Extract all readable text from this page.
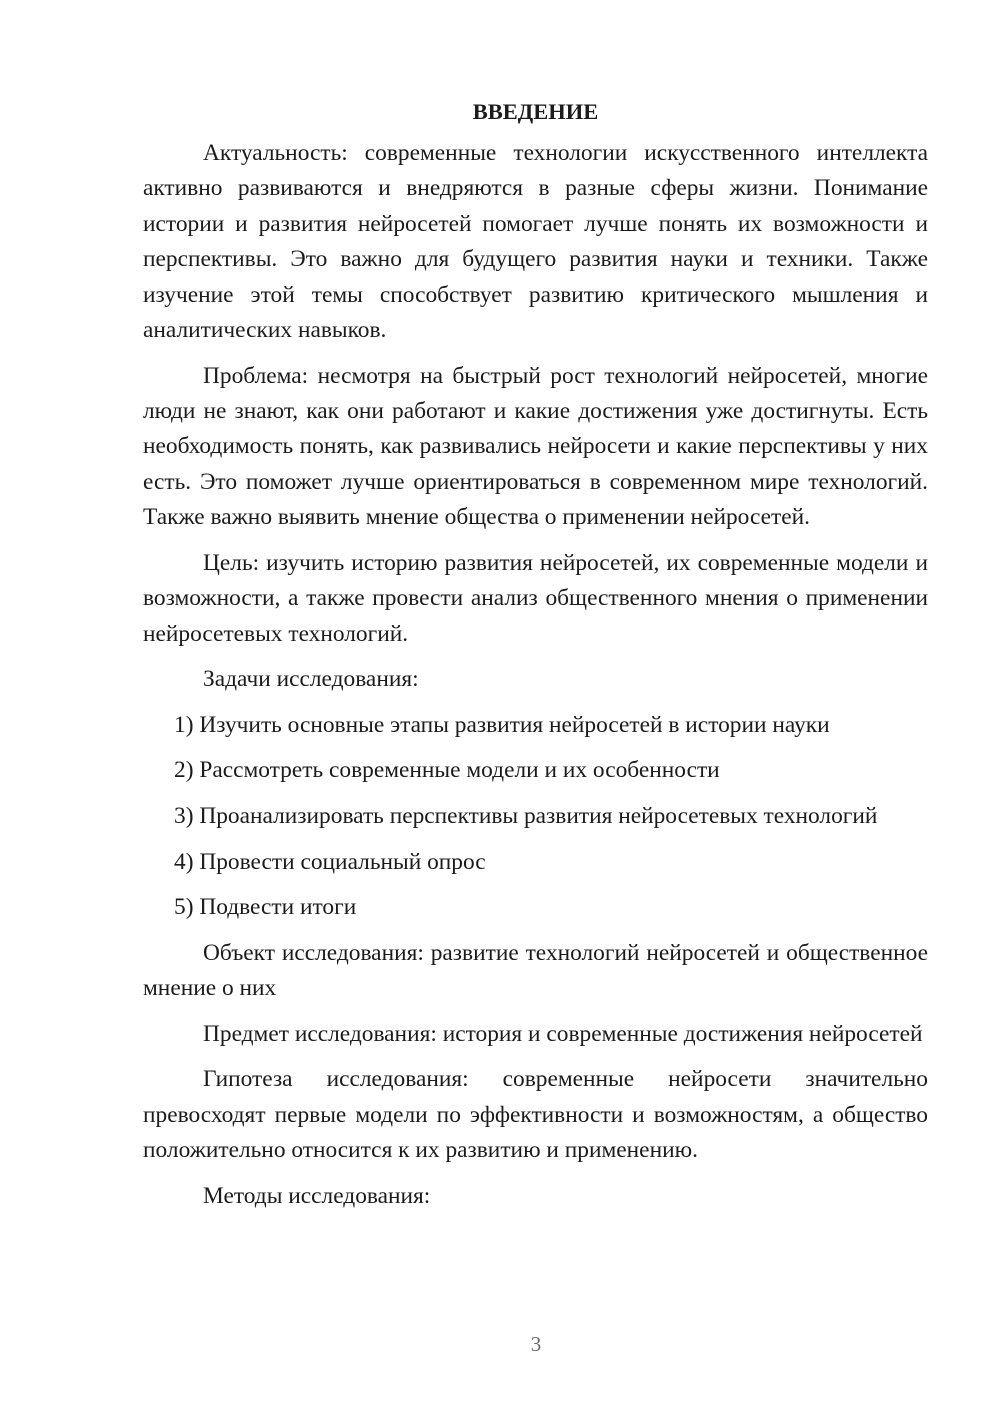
ВВЕДЕНИЕ

Актуальность: современные технологии искусственного интеллекта активно развиваются и внедряются в разные сферы жизни. Понимание истории и развития нейросетей помогает лучше понять их возможности и перспективы. Это важно для будущего развития науки и техники. Также изучение этой темы способствует развитию критического мышления и аналитических навыков.

Проблема: несмотря на быстрый рост технологий нейросетей, многие люди не знают, как они работают и какие достижения уже достигнуты. Есть необходимость понять, как развивались нейросети и какие перспективы у них есть. Это поможет лучше ориентироваться в современном мире технологий. Также важно выявить мнение общества о применении нейросетей.

Цель: изучить историю развития нейросетей, их современные модели и возможности, а также провести анализ общественного мнения о применении нейросетевых технологий.

Задачи исследования:

1) Изучить основные этапы развития нейросетей в истории науки

2) Рассмотреть современные модели и их особенности

3) Проанализировать перспективы развития нейросетевых технологий

4) Провести социальный опрос

5) Подвести итоги

Объект исследования: развитие технологий нейросетей и общественное мнение о них

Предмет исследования: история и современные достижения нейросетей

Гипотеза исследования: современные нейросети значительно превосходят первые модели по эффективности и возможностям, а общество положительно относится к их развитию и применению.

Методы исследования:

3
